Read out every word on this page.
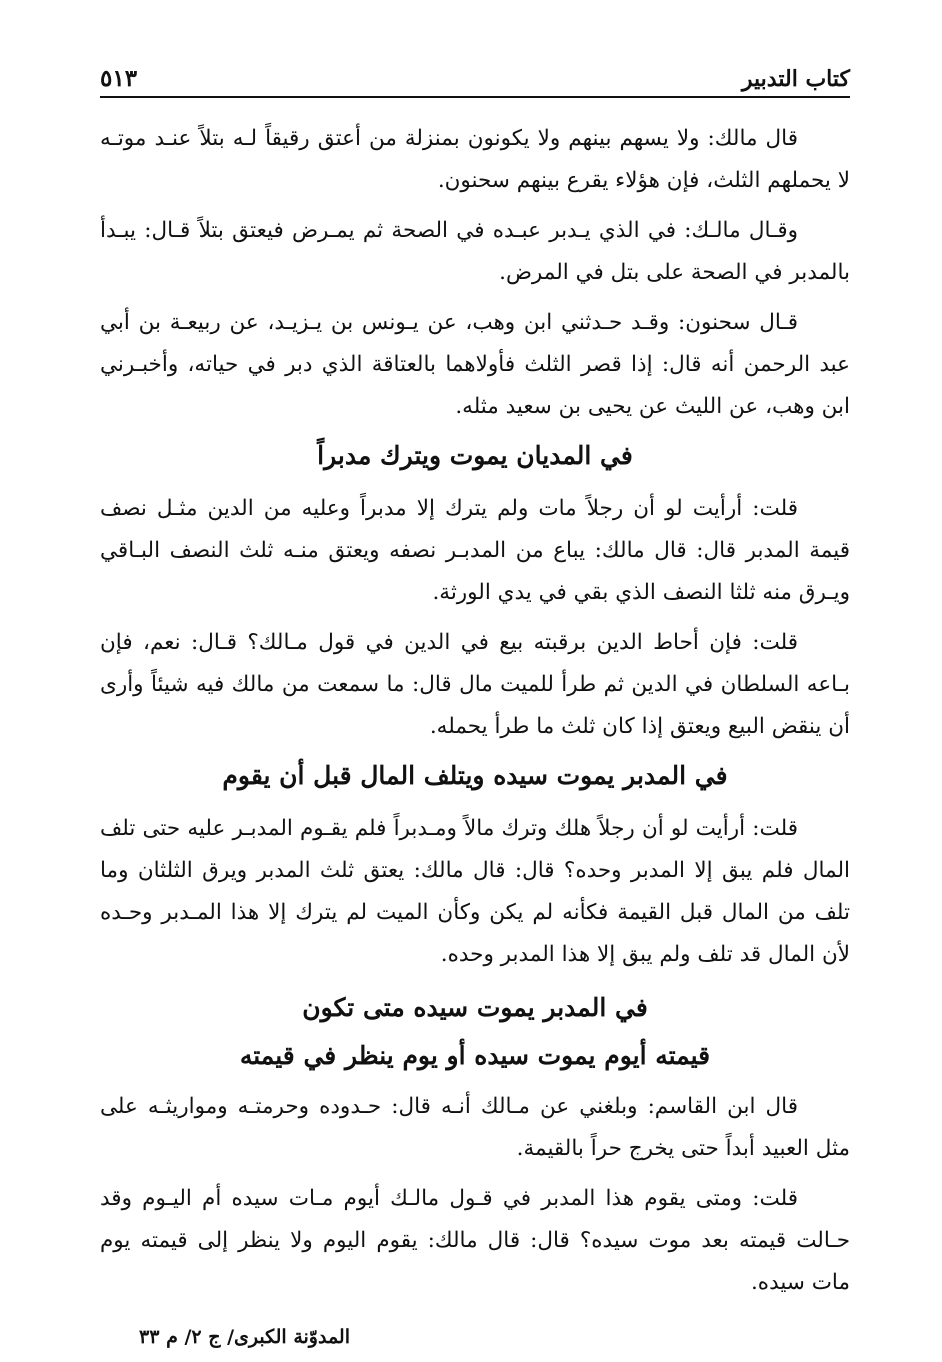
كتاب التدبير
٥١٣

قال مالك: ولا يسهم بينهم ولا يكونون بمنزلة من أعتق رقيقاً لـه بتلاً عنـد موتـه لا يحملهم الثلث، فإن هؤلاء يقرع بينهم سحنون.

وقـال مالـك: في الذي يـدبر عبـده في الصحة ثم يمـرض فيعتق بتلاً قـال: يبـدأ بالمدبر في الصحة على بتل في المرض.

قـال سحنون: وقـد حـدثني ابن وهب، عن يـونس بن يـزيـد، عن ربيعـة بن أبي عبد الرحمن أنه قال: إذا قصر الثلث فأولاهما بالعتاقة الذي دبر في حياته، وأخبـرني ابن وهب، عن الليث عن يحيى بن سعيد مثله.

في المديان يموت ويترك مدبراً

قلت: أرأيت لو أن رجلاً مات ولم يترك إلا مدبراً وعليه من الدين مثـل نصف قيمة المدبر قال: قال مالك: يباع من المدبـر نصفه ويعتق منـه ثلث النصف البـاقي ويـرق منه ثلثا النصف الذي بقي في يدي الورثة.

قلت: فإن أحاط الدين برقبته بيع في الدين في قول مـالك؟ قـال: نعم، فإن بـاعه السلطان في الدين ثم طرأ للميت مال قال: ما سمعت من مالك فيه شيئاً وأرى أن ينقض البيع ويعتق إذا كان ثلث ما طرأ يحمله.

في المدبر يموت سيده ويتلف المال قبل أن يقوم

قلت: أرأيت لو أن رجلاً هلك وترك مالاً ومـدبراً فلم يقـوم المدبـر عليه حتى تلف المال فلم يبق إلا المدبر وحده؟ قال: قال مالك: يعتق ثلث المدبر ويرق الثلثان وما تلف من المال قبل القيمة فكأنه لم يكن وكأن الميت لم يترك إلا هذا المـدبر وحـده لأن المال قد تلف ولم يبق إلا هذا المدبر وحده.

في المدبر يموت سيده متى تكون
قيمته أيوم يموت سيده أو يوم ينظر في قيمته

قال ابن القاسم: وبلغني عن مـالك أنـه قال: حـدوده وحرمتـه ومواريثـه على مثل العبيد أبداً حتى يخرج حراً بالقيمة.

قلت: ومتى يقوم هذا المدبر في قـول مالـك أيوم مـات سيده أم اليـوم وقد حـالت قيمته بعد موت سيده؟ قال: قال مالك: يقوم اليوم ولا ينظر إلى قيمته يوم مات سيده.

المدوّنة الكبرى/ ج ٢/ م ٣٣
